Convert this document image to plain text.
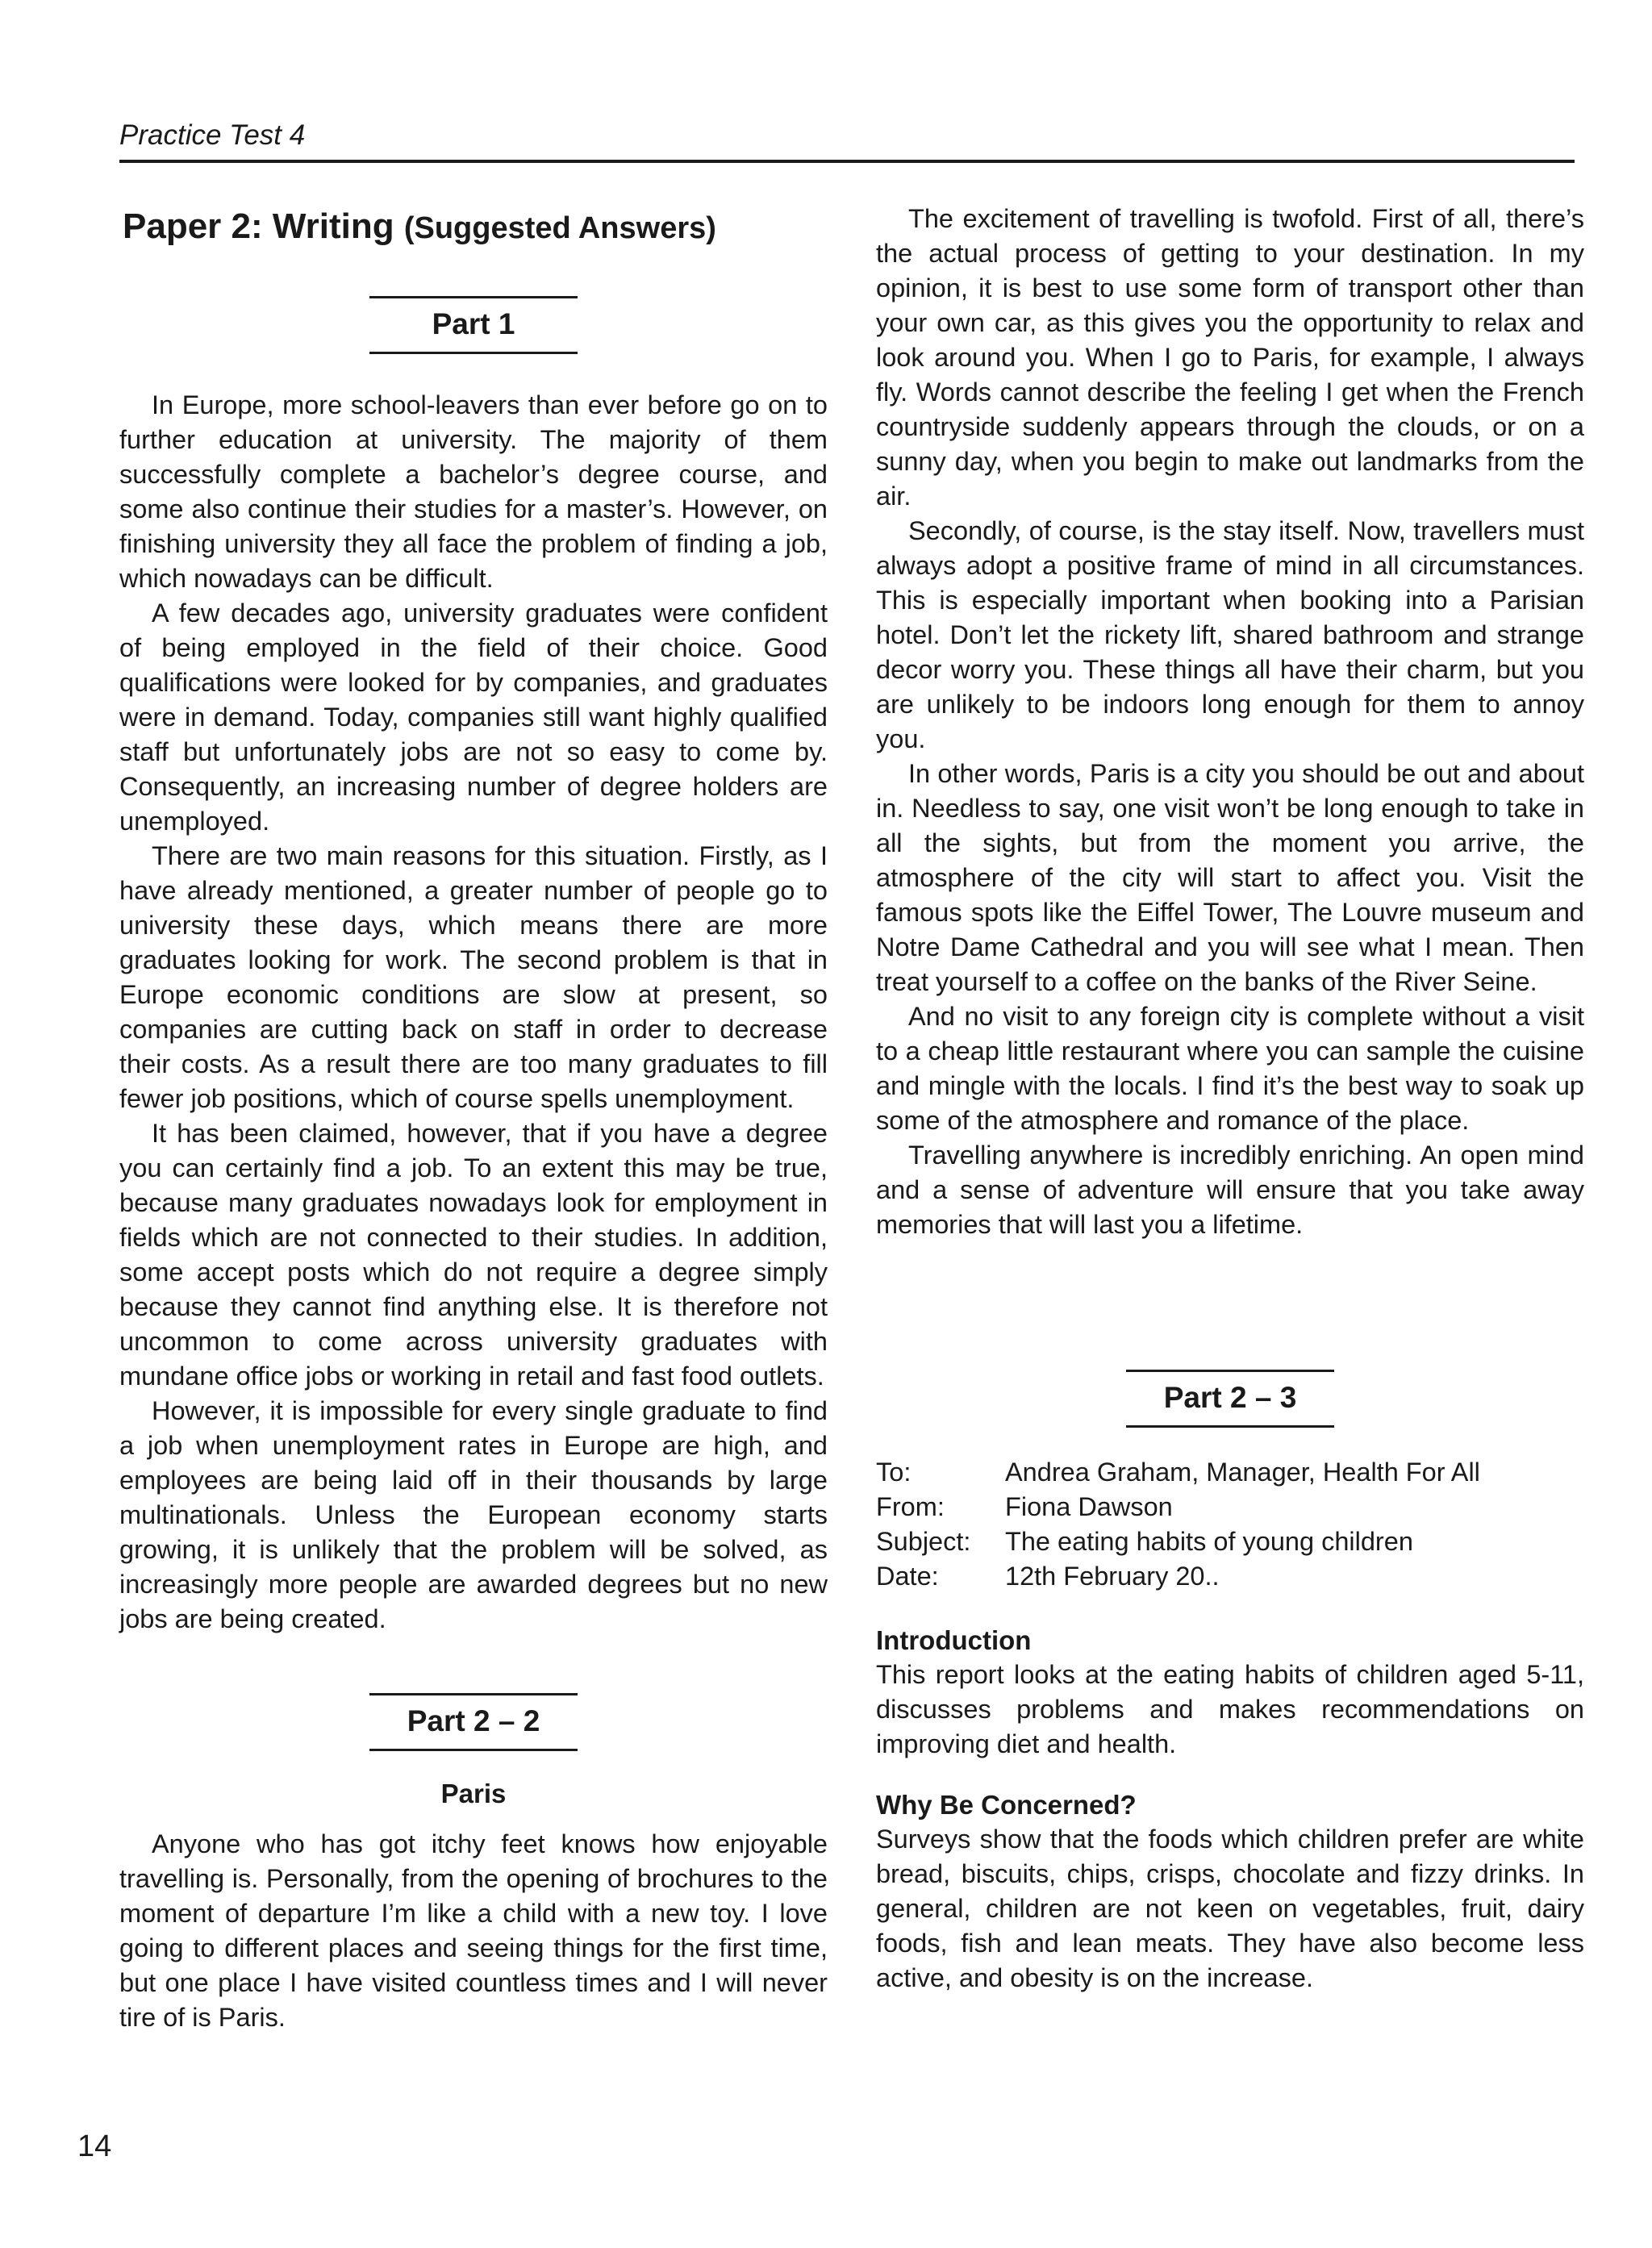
Practice Test 4
Paper 2: Writing (Suggested Answers)
Part 1

In Europe, more school-leavers than ever before go on to further education at university. The majority of them successfully complete a bachelor’s degree course, and some also continue their studies for a master’s. However, on finishing university they all face the problem of finding a job, which nowadays can be difficult.

A few decades ago, university graduates were confident of being employed in the field of their choice. Good qualifications were looked for by companies, and graduates were in demand. Today, companies still want highly qualified staff but unfortunately jobs are not so easy to come by. Consequently, an increasing number of degree holders are unemployed.

There are two main reasons for this situation. Firstly, as I have already mentioned, a greater number of people go to university these days, which means there are more graduates looking for work. The second problem is that in Europe economic conditions are slow at present, so companies are cutting back on staff in order to decrease their costs. As a result there are too many graduates to fill fewer job positions, which of course spells unemployment.

It has been claimed, however, that if you have a degree you can certainly find a job. To an extent this may be true, because many graduates nowadays look for employment in fields which are not connected to their studies. In addition, some accept posts which do not require a degree simply because they cannot find anything else. It is therefore not uncommon to come across university graduates with mundane office jobs or working in retail and fast food outlets.

However, it is impossible for every single graduate to find a job when unemployment rates in Europe are high, and employees are being laid off in their thousands by large multinationals. Unless the European economy starts growing, it is unlikely that the problem will be solved, as increasingly more people are awarded degrees but no new jobs are being created.

Part 2 – 2
Paris

Anyone who has got itchy feet knows how enjoyable travelling is. Personally, from the opening of brochures to the moment of departure I’m like a child with a new toy. I love going to different places and seeing things for the first time, but one place I have visited countless times and I will never tire of is Paris.

The excitement of travelling is twofold. First of all, there’s the actual process of getting to your destination. In my opinion, it is best to use some form of transport other than your own car, as this gives you the opportunity to relax and look around you. When I go to Paris, for example, I always fly. Words cannot describe the feeling I get when the French countryside suddenly appears through the clouds, or on a sunny day, when you begin to make out landmarks from the air.

Secondly, of course, is the stay itself. Now, travellers must always adopt a positive frame of mind in all circumstances. This is especially important when booking into a Parisian hotel. Don’t let the rickety lift, shared bathroom and strange decor worry you. These things all have their charm, but you are unlikely to be indoors long enough for them to annoy you.

In other words, Paris is a city you should be out and about in. Needless to say, one visit won’t be long enough to take in all the sights, but from the moment you arrive, the atmosphere of the city will start to affect you. Visit the famous spots like the Eiffel Tower, The Louvre museum and Notre Dame Cathedral and you will see what I mean. Then treat yourself to a coffee on the banks of the River Seine.

And no visit to any foreign city is complete without a visit to a cheap little restaurant where you can sample the cuisine and mingle with the locals. I find it’s the best way to soak up some of the atmosphere and romance of the place.

Travelling anywhere is incredibly enriching. An open mind and a sense of adventure will ensure that you take away memories that will last you a lifetime.

Part 2 – 3
To:	Andrea Graham, Manager, Health For All
From:	Fiona Dawson
Subject:	The eating habits of young children
Date:	12th February 20..
Introduction

This report looks at the eating habits of children aged 5-11, discusses problems and makes recommendations on improving diet and health.

Why Be Concerned?

Surveys show that the foods which children prefer are white bread, biscuits, chips, crisps, chocolate and fizzy drinks. In general, children are not keen on vegetables, fruit, dairy foods, fish and lean meats. They have also become less active, and obesity is on the increase.

14
